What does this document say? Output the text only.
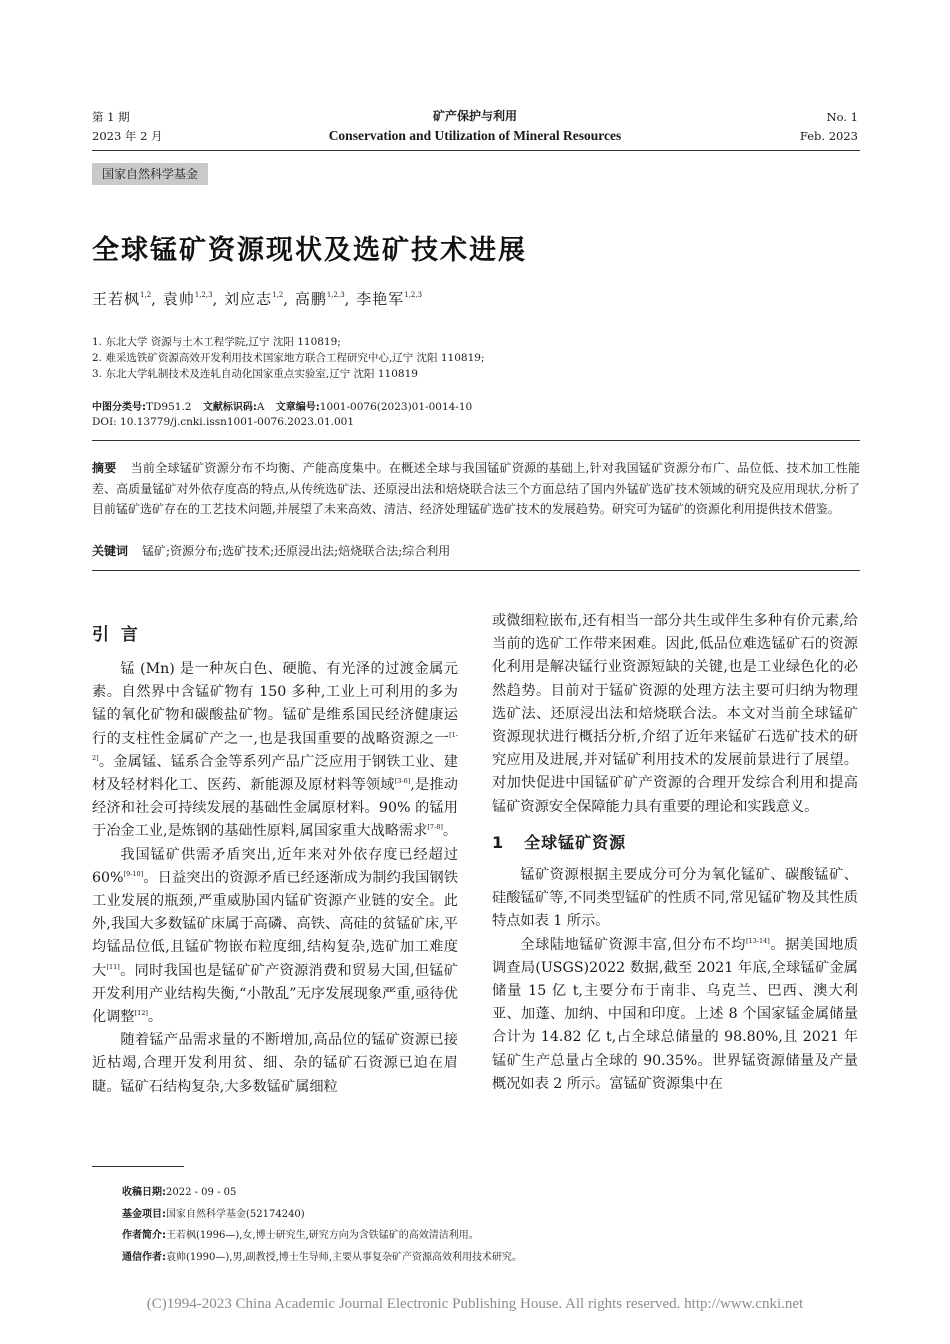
第 1 期
2023 年 2 月
矿产保护与利用
Conservation and Utilization of Mineral Resources
No. 1
Feb. 2023
国家自然科学基金
全球锰矿资源现状及选矿技术进展
王若枫$^{1,2}$, 袁帅$^{1,2,3}$, 刘应志$^{1,2}$, 高鹏$^{1,2,3}$, 李艳军$^{1,2,3}$
1. 东北大学 资源与土木工程学院,辽宁 沈阳 110819;
2. 难采选铁矿资源高效开发利用技术国家地方联合工程研究中心,辽宁 沈阳 110819;
3. 东北大学轧制技术及连轧自动化国家重点实验室,辽宁 沈阳 110819
中图分类号:TD951.2 文献标识码:A 文章编号:1001-0076(2023)01-0014-10
DOI: 10.13779/j.cnki.issn1001-0076.2023.01.001
摘要 当前全球锰矿资源分布不均衡、产能高度集中。在概述全球与我国锰矿资源的基础上,针对我国锰矿资源分布广、品位低、技术加工性能差、高质量锰矿对外依存度高的特点,从传统选矿法、还原浸出法和焙烧联合法三个方面总结了国内外锰矿选矿技术领域的研究及应用现状,分析了目前锰矿选矿存在的工艺技术问题,并展望了未来高效、清洁、经济处理锰矿选矿技术的发展趋势。研究可为锰矿的资源化利用提供技术借鉴。
关键词 锰矿;资源分布;选矿技术;还原浸出法;焙烧联合法;综合利用
引 言

锰 (Mn) 是一种灰白色、硬脆、有光泽的过渡金属元素。自然界中含锰矿物有 150 多种,工业上可利用的多为锰的氧化矿物和碳酸盐矿物。锰矿是维系国民经济健康运行的支柱性金属矿产之一,也是我国重要的战略资源之一[1-2]。金属锰、锰系合金等系列产品广泛应用于钢铁工业、建材及轻材料化工、医药、新能源及原材料等领域[3-6],是推动经济和社会可持续发展的基础性金属原材料。90% 的锰用于冶金工业,是炼钢的基础性原料,属国家重大战略需求[7-8]。

我国锰矿供需矛盾突出,近年来对外依存度已经超过 60%[9-10]。日益突出的资源矛盾已经逐渐成为制约我国钢铁工业发展的瓶颈,严重威胁国内锰矿资源产业链的安全。此外,我国大多数锰矿床属于高磷、高铁、高硅的贫锰矿床,平均锰品位低,且锰矿物嵌布粒度细,结构复杂,选矿加工难度大[11]。同时我国也是锰矿矿产资源消费和贸易大国,但锰矿开发利用产业结构失衡,“小散乱”无序发展现象严重,亟待优化调整[12]。

随着锰产品需求量的不断增加,高品位的锰矿资源已接近枯竭,合理开发利用贫、细、杂的锰矿石资源已迫在眉睫。锰矿石结构复杂,大多数锰矿属细粒

或微细粒嵌布,还有相当一部分共生或伴生多种有价元素,给当前的选矿工作带来困难。因此,低品位难选锰矿石的资源化利用是解决锰行业资源短缺的关键,也是工业绿色化的必然趋势。目前对于锰矿资源的处理方法主要可归纳为物理选矿法、还原浸出法和焙烧联合法。本文对当前全球锰矿资源现状进行概括分析,介绍了近年来锰矿石选矿技术的研究应用及进展,并对锰矿利用技术的发展前景进行了展望。对加快促进中国锰矿矿产资源的合理开发综合利用和提高锰矿资源安全保障能力具有重要的理论和实践意义。

1 全球锰矿资源

锰矿资源根据主要成分可分为氧化锰矿、碳酸锰矿、硅酸锰矿等,不同类型锰矿的性质不同,常见锰矿物及其性质特点如表 1 所示。

全球陆地锰矿资源丰富,但分布不均[13-14]。据美国地质调查局(USGS)2022 数据,截至 2021 年底,全球锰矿金属储量 15 亿 t,主要分布于南非、乌克兰、巴西、澳大利亚、加蓬、加纳、中国和印度。上述 8 个国家锰金属储量合计为 14.82 亿 t,占全球总储量的 98.80%,且 2021 年锰矿生产总量占全球的 90.35%。世界锰资源储量及产量概况如表 2 所示。富锰矿资源集中在

收稿日期:2022 - 09 - 05
基金项目:国家自然科学基金(52174240)
作者简介:王若枫(1996—),女,博士研究生,研究方向为含铁锰矿的高效清洁利用。
通信作者:袁帅(1990—),男,副教授,博士生导师,主要从事复杂矿产资源高效利用技术研究。
(C)1994-2023 China Academic Journal Electronic Publishing House. All rights reserved. http://www.cnki.net
